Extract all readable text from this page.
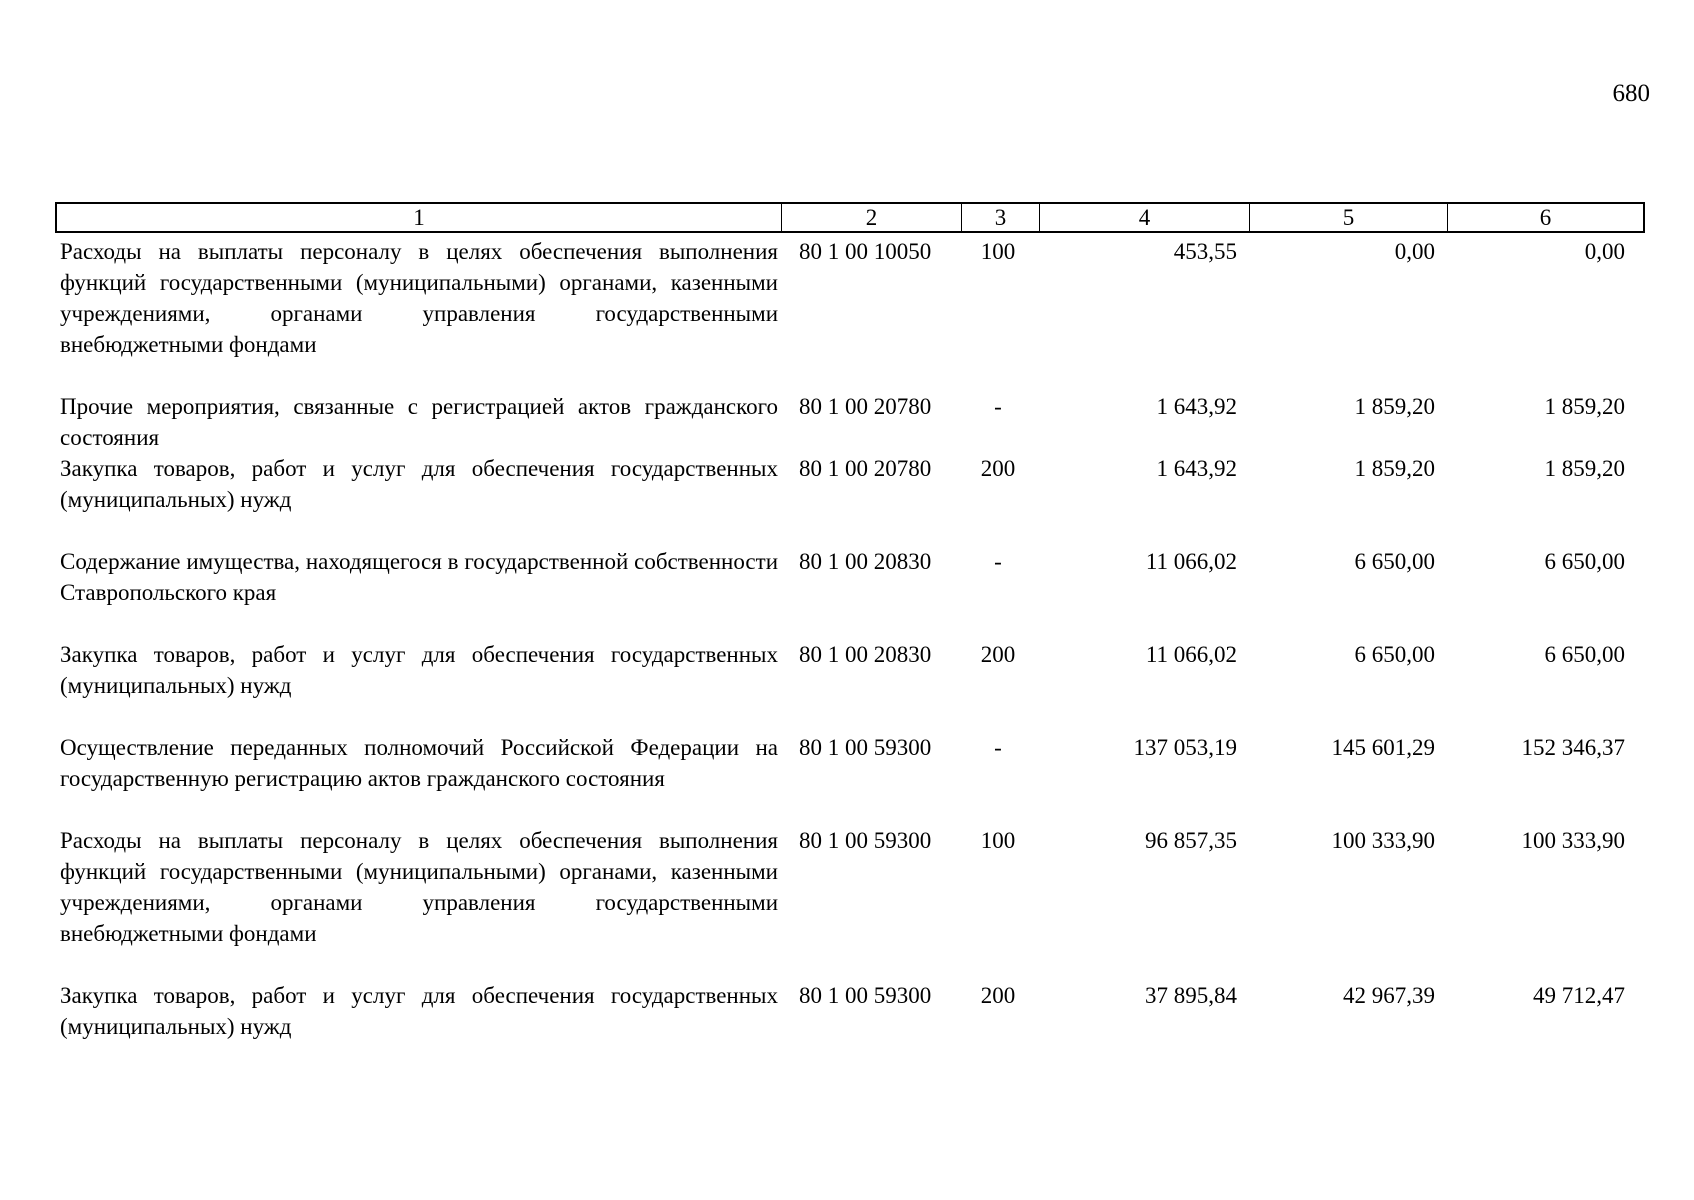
680
1	2	3	4	5	6
Расходы на выплаты персоналу в целях обеспечения выполнения функций государственными (муниципальными) органами, казенными учреждениями, органами управления государственными внебюджетными фондами
80 1 00 10050	100	453,55	0,00	0,00
Прочие мероприятия, связанные с регистрацией актов гражданского состояния
80 1 00 20780	-	1 643,92	1 859,20	1 859,20
Закупка товаров, работ и услуг для обеспечения государственных (муниципальных) нужд
80 1 00 20780	200	1 643,92	1 859,20	1 859,20
Содержание имущества, находящегося в государственной собственности Ставропольского края
80 1 00 20830	-	11 066,02	6 650,00	6 650,00
Закупка товаров, работ и услуг для обеспечения государственных (муниципальных) нужд
80 1 00 20830	200	11 066,02	6 650,00	6 650,00
Осуществление переданных полномочий Российской Федерации на государственную регистрацию актов гражданского состояния
80 1 00 59300	-	137 053,19	145 601,29	152 346,37
Расходы на выплаты персоналу в целях обеспечения выполнения функций государственными (муниципальными) органами, казенными учреждениями, органами управления государственными внебюджетными фондами
80 1 00 59300	100	96 857,35	100 333,90	100 333,90
Закупка товаров, работ и услуг для обеспечения государственных (муниципальных) нужд
80 1 00 59300	200	37 895,84	42 967,39	49 712,47
